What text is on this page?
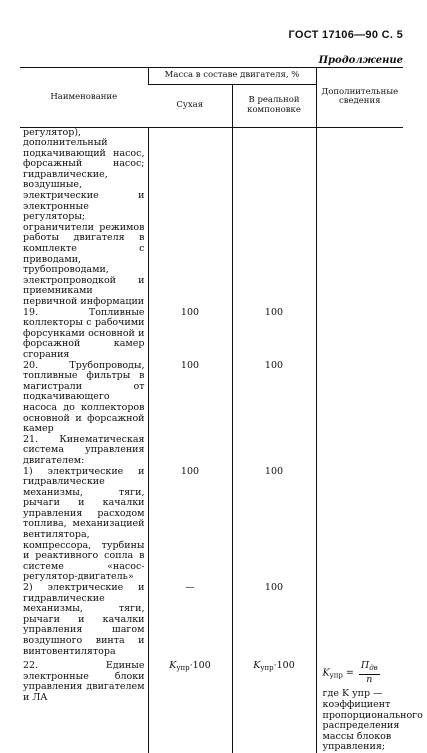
ГОСТ 17106—90 С. 5
Продолжение
Наименование	Масса в составе двигателя, %		Дополнительные сведения
	Сухая	В реальной компоновке	
регулятор), дополнительный подкачивающий насос, форсажный насос; гидравлические, воздушные, электрические и электронные регуляторы; ограничители режимов работы двигателя в комплекте с приводами, трубопроводами, электропроводкой и приемниками первичной информации			
19. Топливные коллекторы с рабочими форсунками основной и форсажной камер сгорания	100	100	
20. Трубопроводы, топливные фильтры в магистрали от подкачивающего насоса до коллекторов основной и форсажной камер	100	100	
21. Кинематическая система управления двигателем:			
1) электрические и гидравлические механизмы, тяги, рычаги и качалки управления расходом топлива, механизацией вентилятора, компрессора, турбины и реактивного сопла в системе «насос-регулятор-двигатель»	100	100	
2) электрические и гидравлические механизмы, тяги, рычаги и качалки управления шагом воздушного винта и винтовентилятора	—	100	
22. Единые электронные блоки управления двигателем и ЛА	$K_{упр}\cdot 100$	$K_{упр}\cdot 100$	$K_{упр} = \frac{П_{дв}}{n}$
где K упр — коэффициент пропорционального распределения массы блоков управления;
